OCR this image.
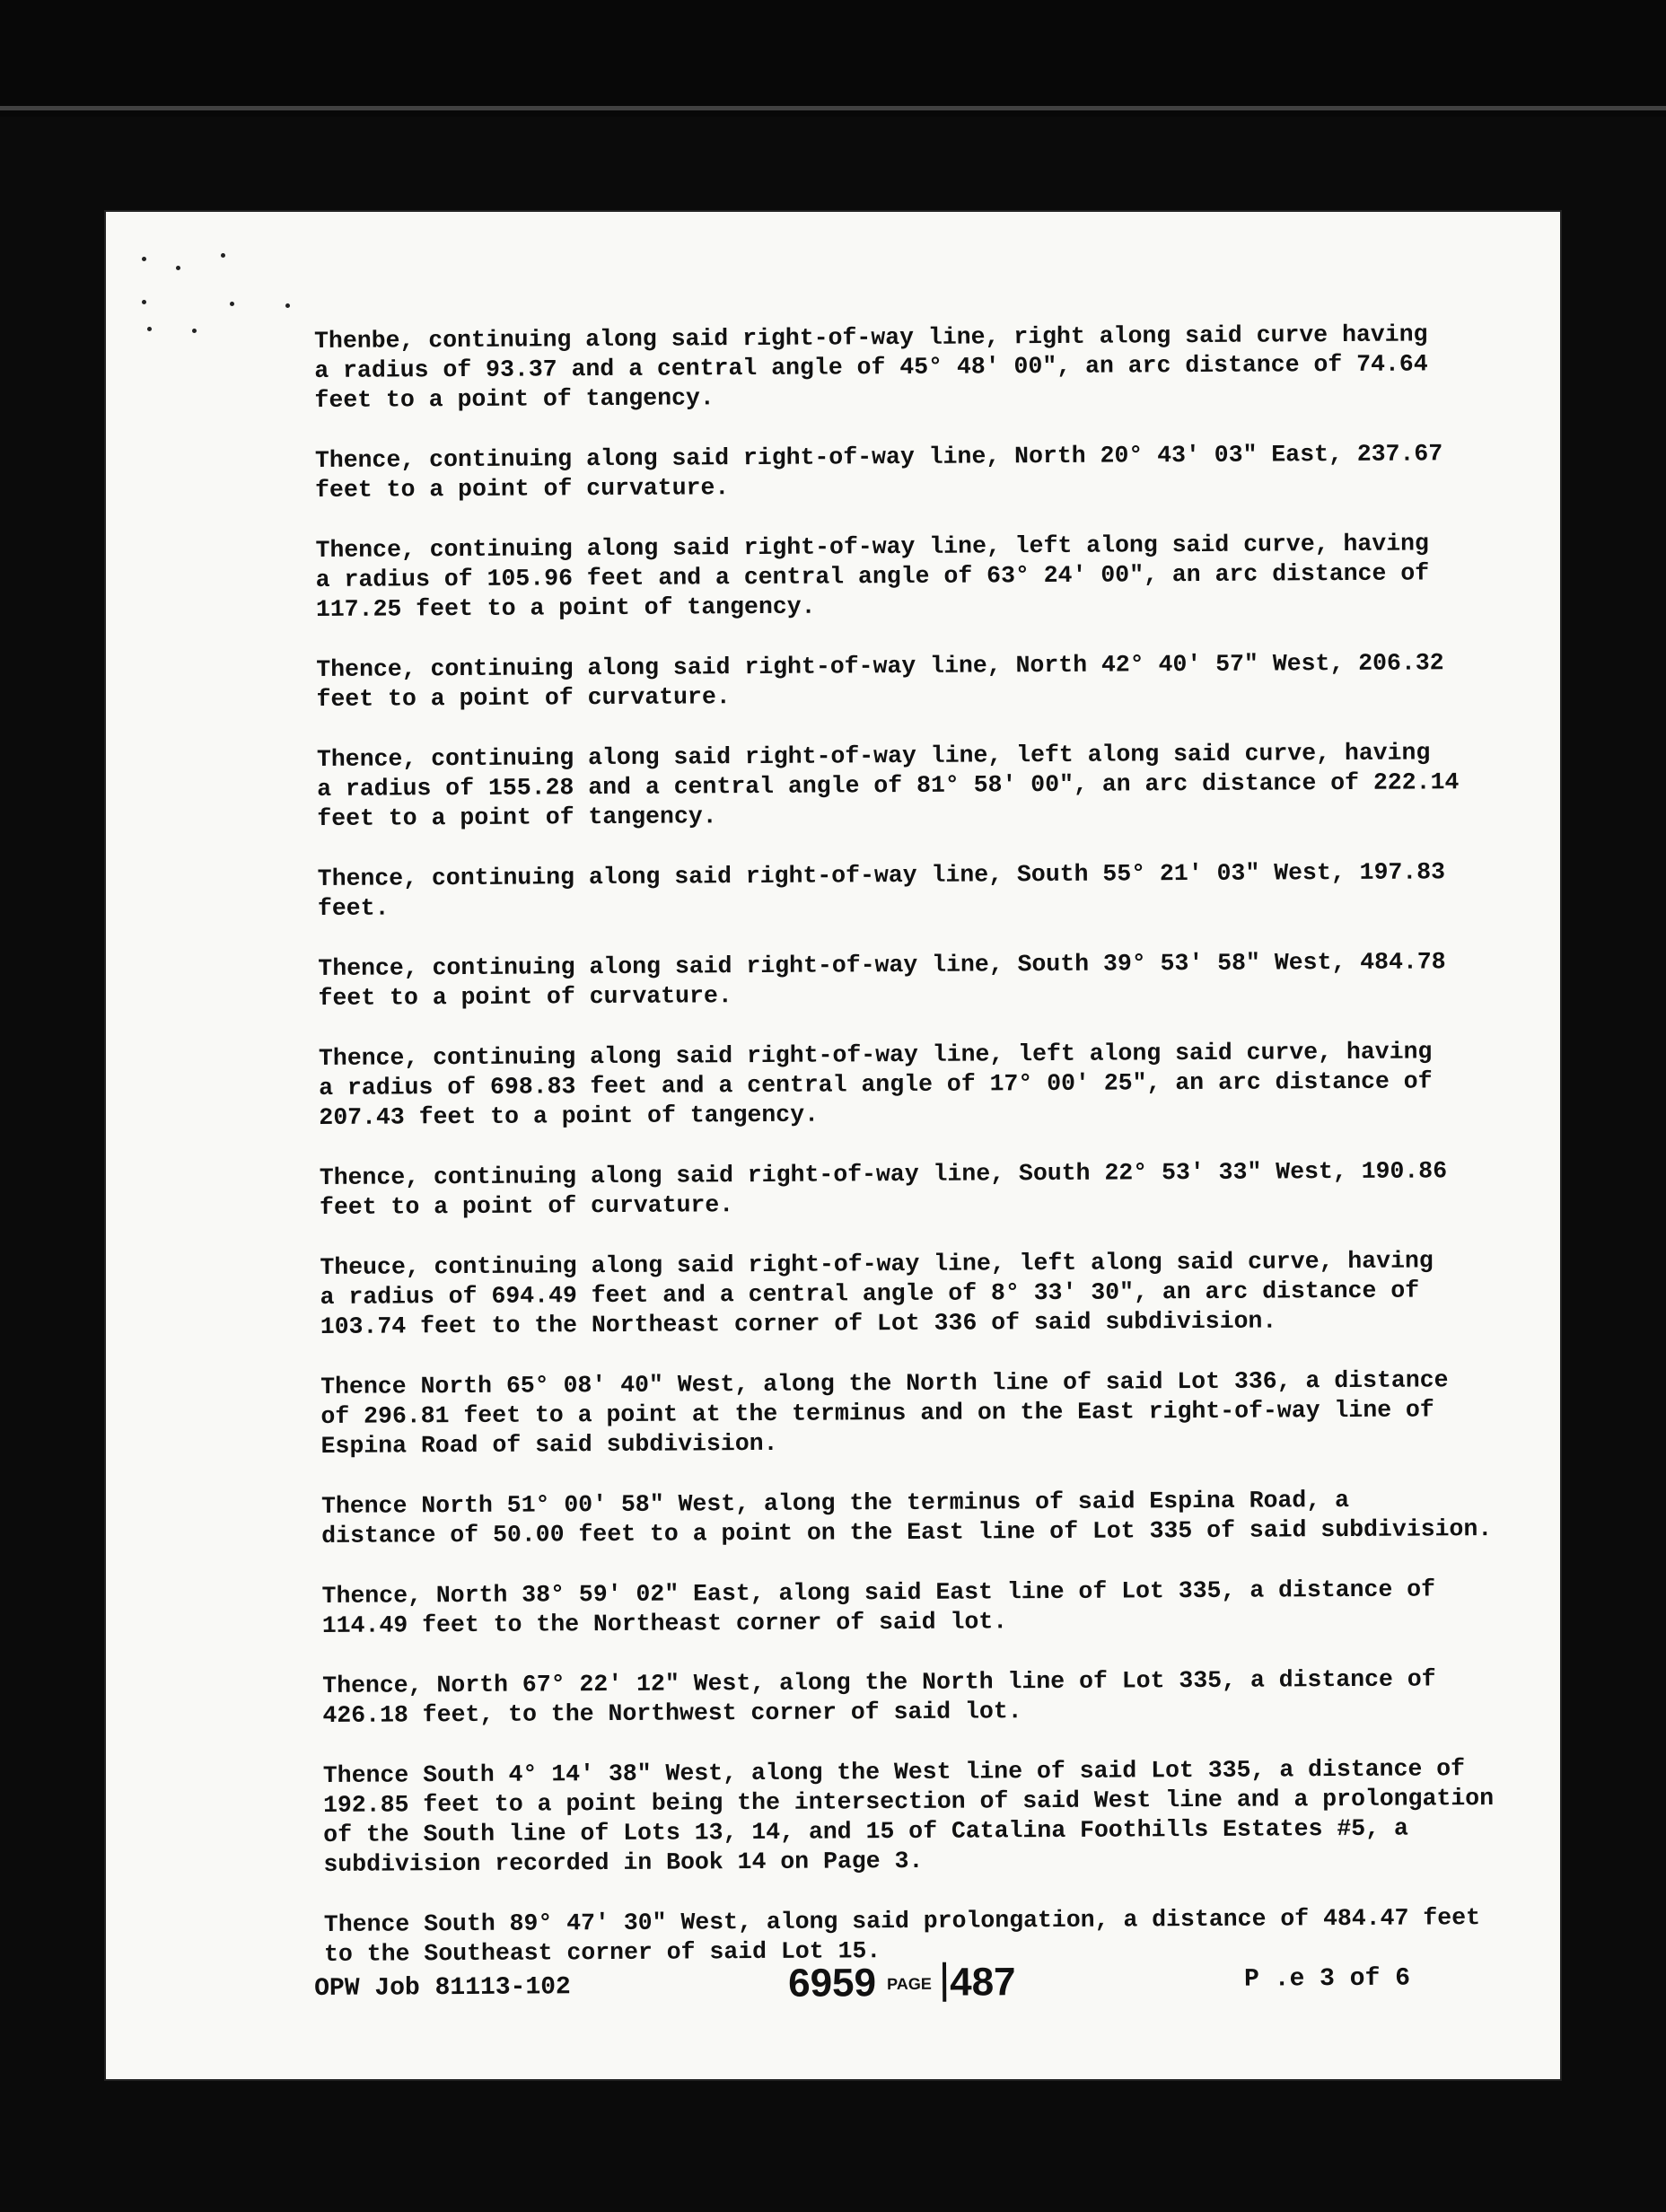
Thenbe, continuing along said right-of-way line, right along said curve having
a radius of 93.37 and a central angle of 45° 48' 00", an arc distance of 74.64
feet to a point of tangency.

Thence, continuing along said right-of-way line, North 20° 43' 03" East, 237.67
feet to a point of curvature.

Thence, continuing along said right-of-way line, left along said curve, having
a radius of 105.96 feet and a central angle of 63° 24' 00", an arc distance of
117.25 feet to a point of tangency.

Thence, continuing along said right-of-way line, North 42° 40' 57" West, 206.32
feet to a point of curvature.

Thence, continuing along said right-of-way line, left along said curve, having
a radius of 155.28 and a central angle of 81° 58' 00", an arc distance of 222.14
feet to a point of tangency.

Thence, continuing along said right-of-way line, South 55° 21' 03" West, 197.83
feet.

Thence, continuing along said right-of-way line, South 39° 53' 58" West, 484.78
feet to a point of curvature.

Thence, continuing along said right-of-way line, left along said curve, having
a radius of 698.83 feet and a central angle of 17° 00' 25", an arc distance of
207.43 feet to a point of tangency.

Thence, continuing along said right-of-way line, South 22° 53' 33" West, 190.86
feet to a point of curvature.

Theuce, continuing along said right-of-way line, left along said curve, having
a radius of 694.49 feet and a central angle of 8° 33' 30", an arc distance of
103.74 feet to the Northeast corner of Lot 336 of said subdivision.

Thence North 65° 08' 40" West, along the North line of said Lot 336, a distance
of 296.81 feet to a point at the terminus and on the East right-of-way line of
Espina Road of said subdivision.

Thence North 51° 00' 58" West, along the terminus of said Espina Road, a
distance of 50.00 feet to a point on the East line of Lot 335 of said subdivision.

Thence, North 38° 59' 02" East, along said East line of Lot 335, a distance of
114.49 feet to the Northeast corner of said lot.

Thence, North 67° 22' 12" West, along the North line of Lot 335, a distance of
426.18 feet, to the Northwest corner of said lot.

Thence South 4° 14' 38" West, along the West line of said Lot 335, a distance of
192.85 feet to a point being the intersection of said West line and a prolongation
of the South line of Lots 13, 14, and 15 of Catalina Foothills Estates #5, a
subdivision recorded in Book 14 on Page 3.

Thence South 89° 47' 30" West, along said prolongation, a distance of 484.47 feet
to the Southeast corner of said Lot 15.

OPW Job 81113-102	6959 PAGE 487	P .e 3 of 6
